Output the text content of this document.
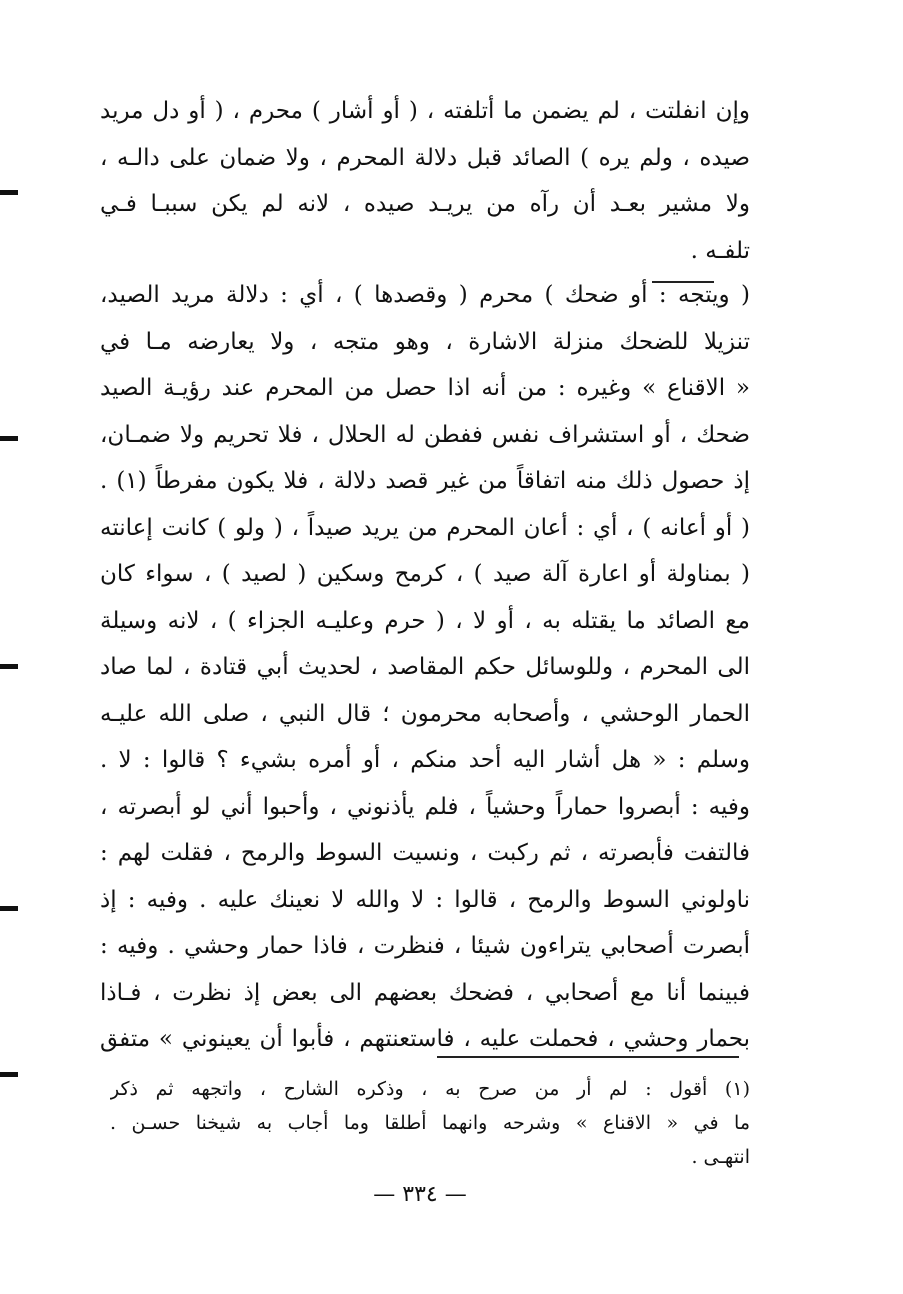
وإن انفلتت ، لم يضمن ما أتلفته ، ( أو أشار ) محرم ، ( أو دل مريد
صيده ، ولم يره ) الصائد قبل دلالة المحرم ، ولا ضمان على دالـه ،
ولا مشير بعـد أن رآه من يريـد صيده ، لانه لم يكن سببـا فـي
تلفـه .
( ويتجه : أو ضحك ) محرم ( وقصدها ) ، أي : دلالة مريد الصيد،
تنزيلا للضحك منزلة الاشارة ، وهو متجه ، ولا يعارضه مـا في
« الاقناع » وغيره : من أنه اذا حصل من المحرم عند رؤيـة الصيد
ضحك ، أو استشراف نفس ففطن له الحلال ، فلا تحريم ولا ضمـان،
إذ حصول ذلك منه اتفاقاً من غير قصد دلالة ، فلا يكون مفرطاً (١) .
( أو أعانه ) ، أي : أعان المحرم من يريد صيداً ، ( ولو ) كانت إعانته
( بمناولة أو اعارة آلة صيد ) ، كرمح وسكين ( لصيد ) ، سواء كان
مع الصائد ما يقتله به ، أو لا ، ( حرم وعليـه الجزاء ) ، لانه وسيلة
الى المحرم ، وللوسائل حكم المقاصد ، لحديث أبي قتادة ، لما صاد
الحمار الوحشي ، وأصحابه محرمون ؛ قال النبي ، صلى الله عليـه
وسلم : « هل أشار اليه أحد منكم ، أو أمره بشيء ؟ قالوا : لا .
وفيه : أبصروا حماراً وحشياً ، فلم يأذنوني ، وأحبوا أني لو أبصرته ،
فالتفت فأبصرته ، ثم ركبت ، ونسيت السوط والرمح ، فقلت لهم :
ناولوني السوط والرمح ، قالوا : لا والله لا نعينك عليه . وفيه : إذ
أبصرت أصحابي يتراءون شيئا ، فنظرت ، فاذا حمار وحشي . وفيه :
فبينما أنا مع أصحابي ، فضحك بعضهم الى بعض إذ نظرت ، فـاذا
بحمار وحشي ، فحملت عليه ، فاستعنتهم ، فأبوا أن يعينوني » متفق
(١) أقول : لم أر من صرح به ، وذكره الشارح ، واتجهه ثم ذكر
ما في « الاقناع » وشرحه وانهما أطلقا وما أجاب به شيخنا حسـن .
انتهـى .
— ٣٣٤ —
